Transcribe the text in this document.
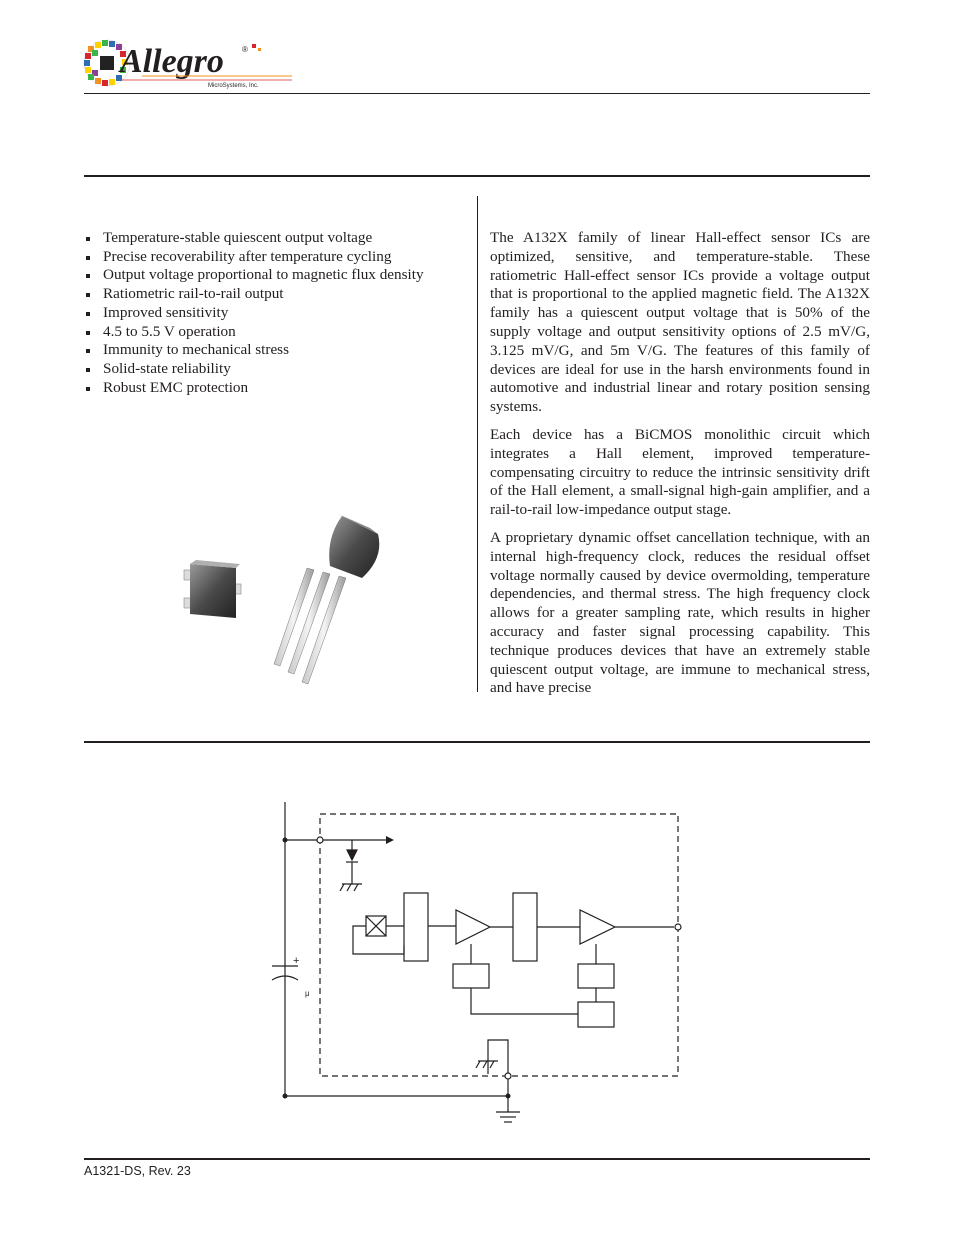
Allegro ®
MicroSystems, Inc.
Temperature-stable quiescent output voltage
Precise recoverability after temperature cycling
Output voltage proportional to magnetic flux density
Ratiometric rail-to-rail output
Improved sensitivity
4.5 to 5.5 V operation
Immunity to mechanical stress
Solid-state reliability
Robust EMC protection

The A132X family of linear Hall-effect sensor ICs are optimized, sensitive, and temperature-stable. These ratiometric Hall-effect sensor ICs provide a voltage output that is proportional to the applied magnetic field. The A132X family has a quiescent output voltage that is 50% of the supply voltage and output sensitivity options of 2.5 mV/G, 3.125 mV/G, and 5m V/G. The features of this family of devices are ideal for use in the harsh environments found in automotive and industrial linear and rotary position sensing systems.

Each device has a BiCMOS monolithic circuit which integrates a Hall element, improved temperature-compensating circuitry to reduce the intrinsic sensitivity drift of the Hall element, a small-signal high-gain amplifier, and a rail-to-rail low-impedance output stage.

A proprietary dynamic offset cancellation technique, with an internal high-frequency clock, reduces the residual offset voltage normally caused by device overmolding, temperature dependencies, and thermal stress. The high frequency clock allows for a greater sampling rate, which results in higher accuracy and faster signal processing capability. This technique produces devices that have an extremely stable quiescent output voltage, are immune to mechanical stress, and have precise

+
μ
A1321-DS, Rev. 23
